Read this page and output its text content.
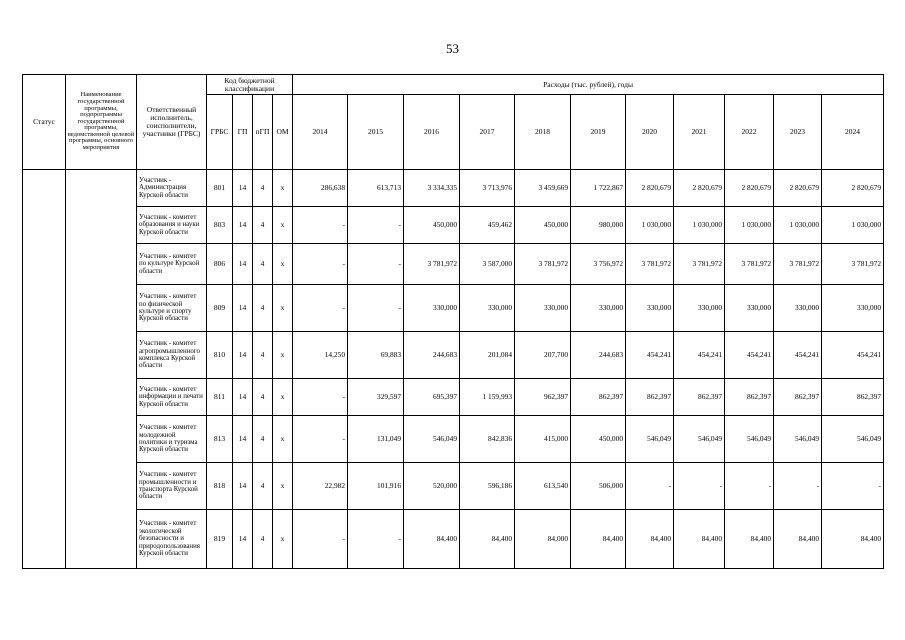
53
Статус	Наименование государственной программы, подпрограммы государственной программы, ведомственной целевой программы, основного мероприятия	Ответственный исполнитель, соисполнители, участники (ГРБС)	Код бюджетной классификации				Расходы (тыс. рублей), годы										
			ГРБС	ГП	пГП	ОМ	2014	2015	2016	2017	2018	2019	2020	2021	2022	2023	2024
		Участник - Администрация Курской области	801	14	4	х	286,638	613,713	3 334,335	3 713,976	3 459,669	1 722,867	2 820,679	2 820,679	2 820,679	2 820,679	2 820,679
		Участник - комитет образования и науки Курской области	803	14	4	х	-	-	450,000	459,462	450,000	980,000	1 030,000	1 030,000	1 030,000	1 030,000	1 030,000
		Участник - комитет по культуре Курской области	806	14	4	х	-	-	3 781,972	3 587,000	3 781,972	3 756,972	3 781,972	3 781,972	3 781,972	3 781,972	3 781,972
		Участник - комитет по физической культуре и спорту Курской области	809	14	4	х	-	-	330,000	330,000	330,000	330,000	330,000	330,000	330,000	330,000	330,000
		Участник - комитет агропромышленного комплекса Курской области	810	14	4	х	14,250	69,883	244,683	201,084	207,700	244,683	454,241	454,241	454,241	454,241	454,241
		Участник - комитет информации и печати Курской области	811	14	4	х	-	329,597	695,397	1 159,993	962,397	862,397	862,397	862,397	862,397	862,397	862,397
		Участник - комитет молодежной политики и туризма Курской области	813	14	4	х	-	131,049	546,049	842,836	415,000	450,000	546,049	546,049	546,049	546,049	546,049
		Участник - комитет промышленности и транспорта Курской области	818	14	4	х	22,982	101,916	520,000	596,186	613,540	506,000	-	-	-	-	-
		Участник - комитет экологической безопасности и природопользования Курской области	819	14	4	х	-	-	84,400	84,400	84,000	84,400	84,400	84,400	84,400	84,400	84,400
